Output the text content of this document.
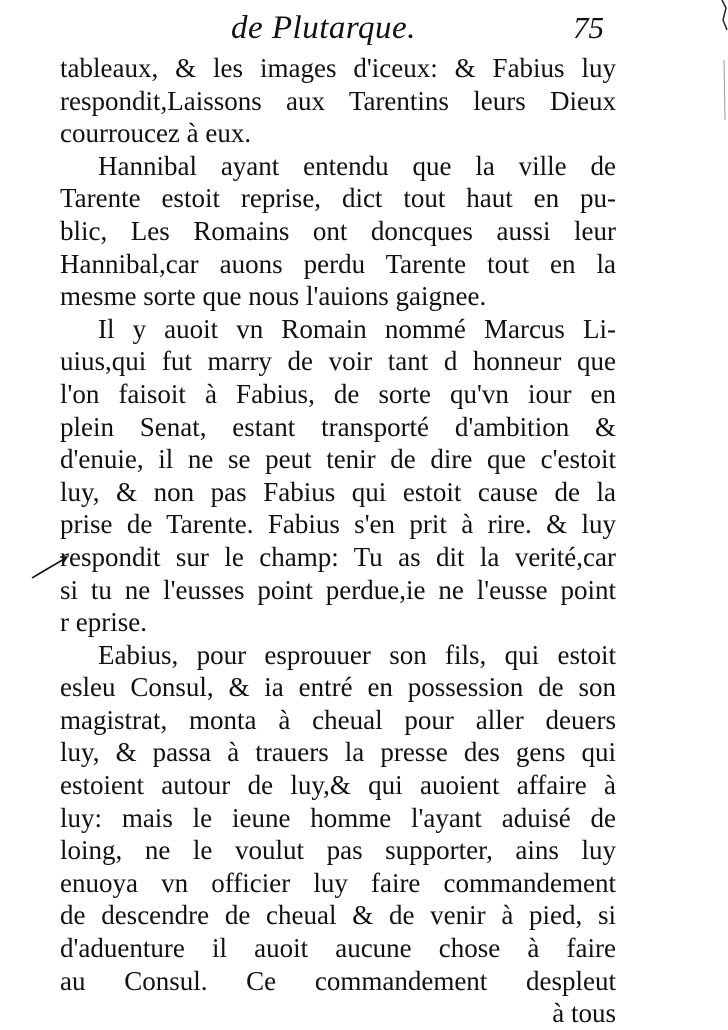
de Plutarque.	75
tableaux, & les images d'iceux: & Fabius luy
respondit,Laissons aux Tarentins leurs Dieux
courroucez à eux.
Hannibal ayant entendu que la ville de
Tarente estoit reprise, dict tout haut en pu-
blic, Les Romains ont doncques aussi leur
Hannibal,car auons perdu Tarente tout en la
mesme sorte que nous l'auions gaignee.
Il y auoit vn Romain nommé Marcus Li-
uius,qui fut marry de voir tant d honneur que
l'on faisoit à Fabius, de sorte qu'vn iour en
plein Senat, estant transporté d'ambition &
d'enuie, il ne se peut tenir de dire que c'estoit
luy, & non pas Fabius qui estoit cause de la
prise de Tarente. Fabius s'en prit à rire. & luy
respondit sur le champ: Tu as dit la verité,car
si tu ne l'eusses point perdue,ie ne l'eusse point
r eprise.
Eabius, pour esprouuer son fils, qui estoit
esleu Consul, & ia entré en possession de son
magistrat, monta à cheual pour aller deuers
luy, & passa à trauers la presse des gens qui
estoient autour de luy,& qui auoient affaire à
luy: mais le ieune homme l'ayant aduisé de
loing, ne le voulut pas supporter, ains luy
enuoya vn officier luy faire commandement
de descendre de cheual & de venir à pied, si
d'aduenture il auoit aucune chose à faire
au Consul. Ce commandement despleut
à tous
